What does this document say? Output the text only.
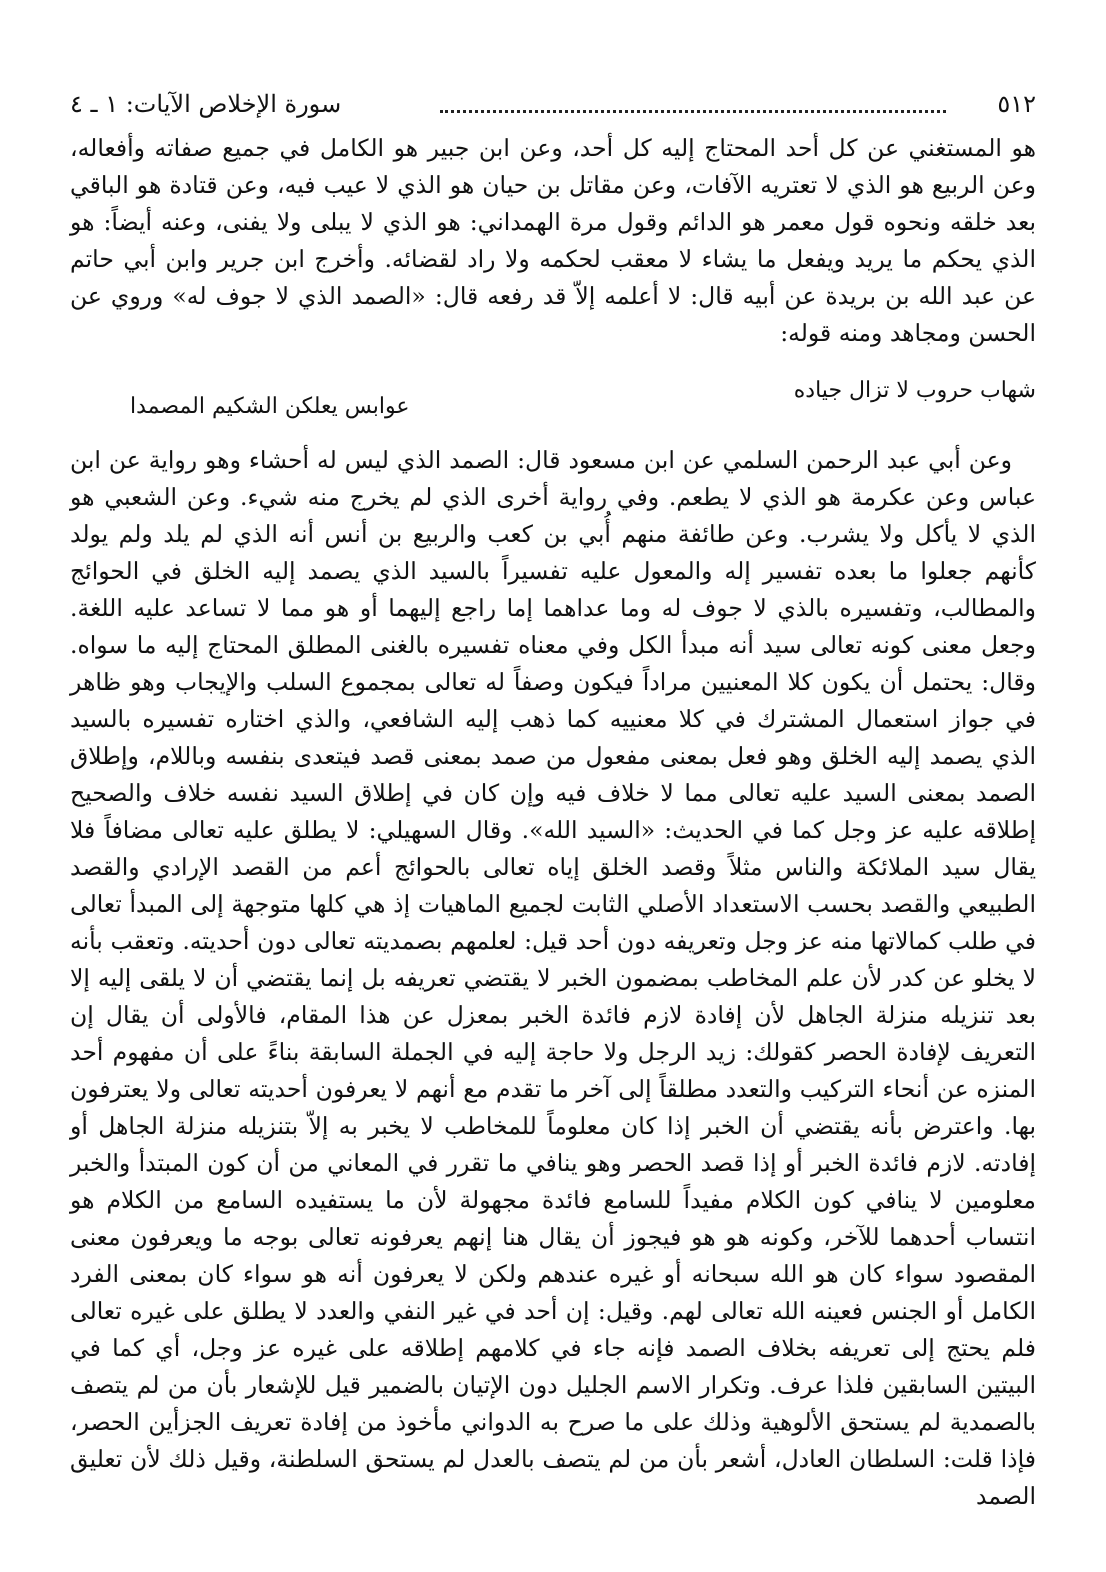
٥١٢
سورة الإخلاص الآيات: ١ ـ ٤

هو المستغني عن كل أحد المحتاج إليه كل أحد، وعن ابن جبير هو الكامل في جميع صفاته وأفعاله، وعن الربيع هو الذي لا تعتريه الآفات، وعن مقاتل بن حيان هو الذي لا عيب فيه، وعن قتادة هو الباقي بعد خلقه ونحوه قول معمر هو الدائم وقول مرة الهمداني: هو الذي لا يبلى ولا يفنى، وعنه أيضاً: هو الذي يحكم ما يريد ويفعل ما يشاء لا معقب لحكمه ولا راد لقضائه. وأخرج ابن جرير وابن أبي حاتم عن عبد الله بن بريدة عن أبيه قال: لا أعلمه إلاّ قد رفعه قال: «الصمد الذي لا جوف له» وروي عن الحسن ومجاهد ومنه قوله:

شهاب حروب لا تزال جياده
عوابس يعلكن الشكيم المصمدا

وعن أبي عبد الرحمن السلمي عن ابن مسعود قال: الصمد الذي ليس له أحشاء وهو رواية عن ابن عباس وعن عكرمة هو الذي لا يطعم. وفي رواية أخرى الذي لم يخرج منه شيء. وعن الشعبي هو الذي لا يأكل ولا يشرب. وعن طائفة منهم أُبي بن كعب والربيع بن أنس أنه الذي لم يلد ولم يولد كأنهم جعلوا ما بعده تفسير إله والمعول عليه تفسيراً بالسيد الذي يصمد إليه الخلق في الحوائج والمطالب، وتفسيره بالذي لا جوف له وما عداهما إما راجع إليهما أو هو مما لا تساعد عليه اللغة. وجعل معنى كونه تعالى سيد أنه مبدأ الكل وفي معناه تفسيره بالغنى المطلق المحتاج إليه ما سواه. وقال: يحتمل أن يكون كلا المعنيين مراداً فيكون وصفاً له تعالى بمجموع السلب والإيجاب وهو ظاهر في جواز استعمال المشترك في كلا معنييه كما ذهب إليه الشافعي، والذي اختاره تفسيره بالسيد الذي يصمد إليه الخلق وهو فعل بمعنى مفعول من صمد بمعنى قصد فيتعدى بنفسه وباللام، وإطلاق الصمد بمعنى السيد عليه تعالى مما لا خلاف فيه وإن كان في إطلاق السيد نفسه خلاف والصحيح إطلاقه عليه عز وجل كما في الحديث: «السيد الله». وقال السهيلي: لا يطلق عليه تعالى مضافاً فلا يقال سيد الملائكة والناس مثلاً وقصد الخلق إياه تعالى بالحوائج أعم من القصد الإرادي والقصد الطبيعي والقصد بحسب الاستعداد الأصلي الثابت لجميع الماهيات إذ هي كلها متوجهة إلى المبدأ تعالى في طلب كمالاتها منه عز وجل وتعريفه دون أحد قيل: لعلمهم بصمديته تعالى دون أحديته. وتعقب بأنه لا يخلو عن كدر لأن علم المخاطب بمضمون الخبر لا يقتضي تعريفه بل إنما يقتضي أن لا يلقى إليه إلا بعد تنزيله منزلة الجاهل لأن إفادة لازم فائدة الخبر بمعزل عن هذا المقام، فالأولى أن يقال إن التعريف لإفادة الحصر كقولك: زيد الرجل ولا حاجة إليه في الجملة السابقة بناءً على أن مفهوم أحد المنزه عن أنحاء التركيب والتعدد مطلقاً إلى آخر ما تقدم مع أنهم لا يعرفون أحديته تعالى ولا يعترفون بها. واعترض بأنه يقتضي أن الخبر إذا كان معلوماً للمخاطب لا يخبر به إلاّ بتنزيله منزلة الجاهل أو إفادته. لازم فائدة الخبر أو إذا قصد الحصر وهو ينافي ما تقرر في المعاني من أن كون المبتدأ والخبر معلومين لا ينافي كون الكلام مفيداً للسامع فائدة مجهولة لأن ما يستفيده السامع من الكلام هو انتساب أحدهما للآخر، وكونه هو هو فيجوز أن يقال هنا إنهم يعرفونه تعالى بوجه ما ويعرفون معنى المقصود سواء كان هو الله سبحانه أو غيره عندهم ولكن لا يعرفون أنه هو سواء كان بمعنى الفرد الكامل أو الجنس فعينه الله تعالى لهم. وقيل: إن أحد في غير النفي والعدد لا يطلق على غيره تعالى فلم يحتج إلى تعريفه بخلاف الصمد فإنه جاء في كلامهم إطلاقه على غيره عز وجل، أي كما في البيتين السابقين فلذا عرف. وتكرار الاسم الجليل دون الإتيان بالضمير قيل للإشعار بأن من لم يتصف بالصمدية لم يستحق الألوهية وذلك على ما صرح به الدواني مأخوذ من إفادة تعريف الجزأين الحصر، فإذا قلت: السلطان العادل، أشعر بأن من لم يتصف بالعدل لم يستحق السلطنة، وقيل ذلك لأن تعليق الصمد
